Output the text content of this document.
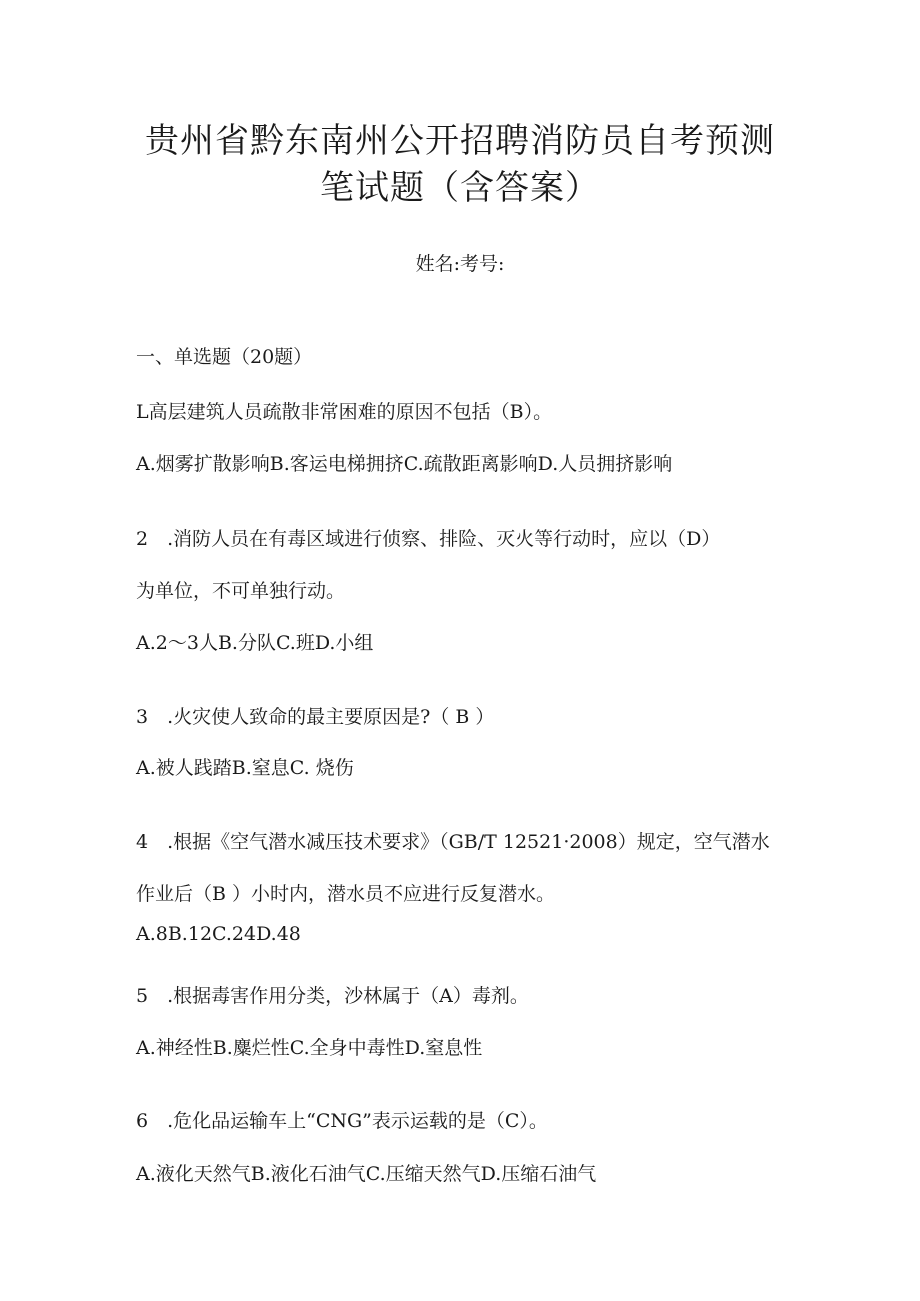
贵州省黔东南州公开招聘消防员自考预测
笔试题（含答案）
姓名:考号:
一、单选题（20题）
L高层建筑人员疏散非常困难的原因不包括（B）。
A.烟雾扩散影响B.客运电梯拥挤C.疏散距离影响D.人员拥挤影响
2　.消防人员在有毒区域进行侦察、排险、灭火等行动时，应以（D）
为单位，不可单独行动。
A.2～3人B.分队C.班D.小组
3　.火灾使人致命的最主要原因是?（ B ）
A.被人践踏B.窒息C. 烧伤
4　.根据《空气潜水减压技术要求》（GB/T 12521·2008）规定，空气潜水
作业后（B ）小时内，潜水员不应进行反复潜水。
A.8B.12C.24D.48
5　.根据毒害作用分类，沙林属于（A）毒剂。
A.神经性B.麋烂性C.全身中毒性D.窒息性
6　.危化品运输车上“CNG”表示运载的是（C）。
A.液化天然气B.液化石油气C.压缩天然气D.压缩石油气
